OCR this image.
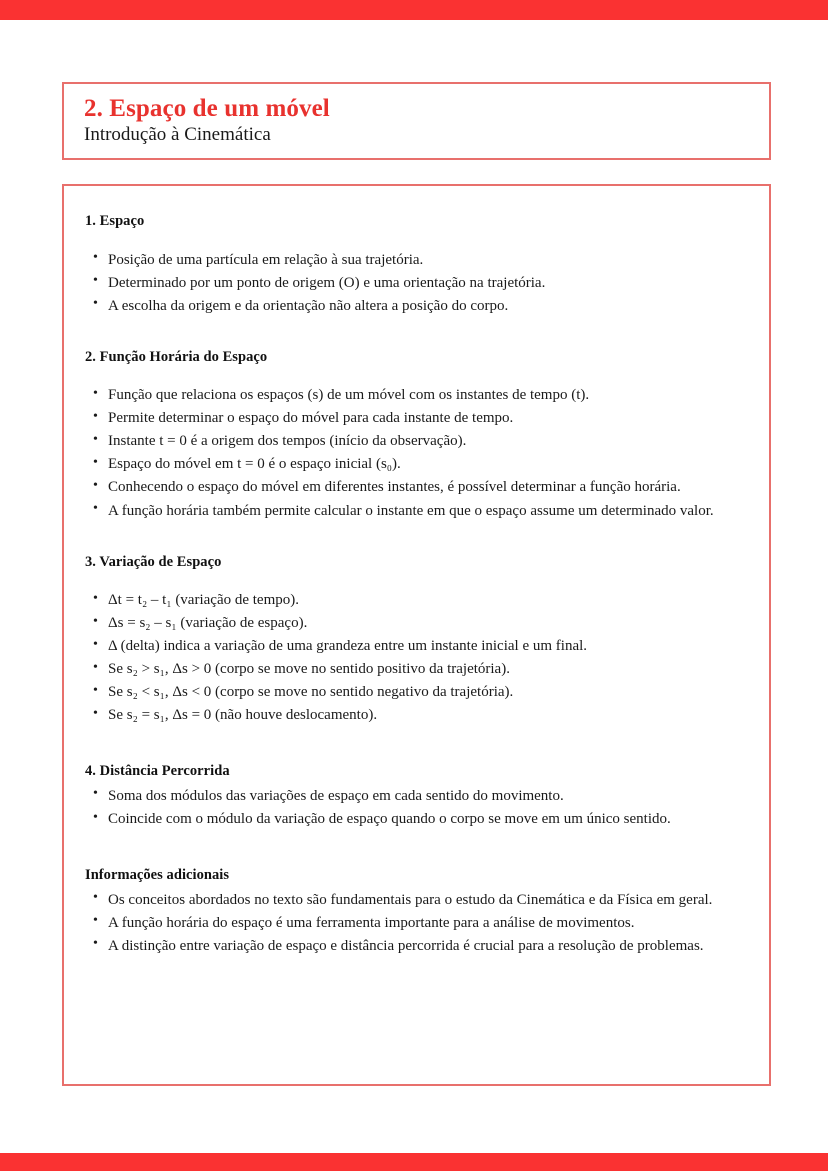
2. Espaço de um móvel
Introdução à Cinemática
1. Espaço
• Posição de uma partícula em relação à sua trajetória.
• Determinado por um ponto de origem (O) e uma orientação na trajetória.
• A escolha da origem e da orientação não altera a posição do corpo.
2. Função Horária do Espaço
• Função que relaciona os espaços (s) de um móvel com os instantes de tempo (t).
• Permite determinar o espaço do móvel para cada instante de tempo.
• Instante t = 0 é a origem dos tempos (início da observação).
• Espaço do móvel em t = 0 é o espaço inicial (s₀).
• Conhecendo o espaço do móvel em diferentes instantes, é possível determinar a função horária.
• A função horária também permite calcular o instante em que o espaço assume um determinado valor.
3. Variação de Espaço
• Δt = t₂ – t₁ (variação de tempo).
• Δs = s₂ – s₁ (variação de espaço).
• Δ (delta) indica a variação de uma grandeza entre um instante inicial e um final.
• Se s₂ > s₁, Δs > 0 (corpo se move no sentido positivo da trajetória).
• Se s₂ < s₁, Δs < 0 (corpo se move no sentido negativo da trajetória).
• Se s₂ = s₁, Δs = 0 (não houve deslocamento).
4. Distância Percorrida
• Soma dos módulos das variações de espaço em cada sentido do movimento.
• Coincide com o módulo da variação de espaço quando o corpo se move em um único sentido.
Informações adicionais
• Os conceitos abordados no texto são fundamentais para o estudo da Cinemática e da Física em geral.
• A função horária do espaço é uma ferramenta importante para a análise de movimentos.
• A distinção entre variação de espaço e distância percorrida é crucial para a resolução de problemas.
